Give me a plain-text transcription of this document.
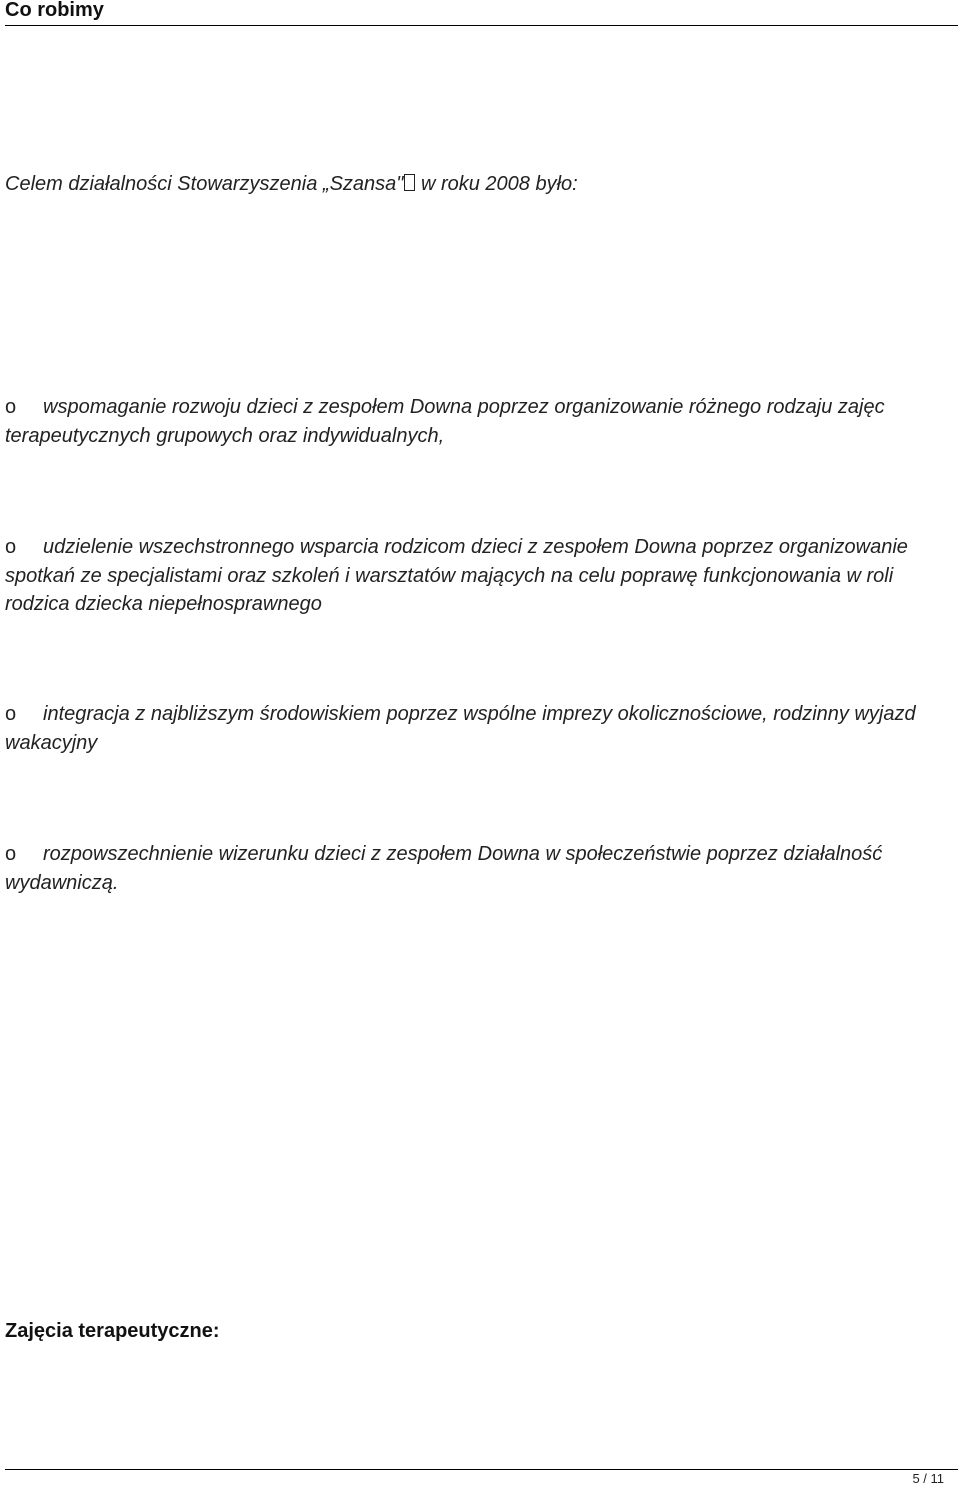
Co robimy
Celem działalności Stowarzyszenia „Szansa" w roku 2008 było:
o wspomaganie rozwoju dzieci z zespołem Downa poprzez organizowanie różnego rodzaju zajęc terapeutycznych grupowych oraz indywidualnych,
o udzielenie wszechstronnego wsparcia rodzicom dzieci z zespołem Downa poprzez organizowanie spotkań ze specjalistami oraz szkoleń i warsztatów mających na celu poprawę funkcjonowania w roli rodzica dziecka niepełnosprawnego
o integracja z najbliższym środowiskiem poprzez wspólne imprezy okolicznościowe, rodzinny wyjazd wakacyjny
o rozpowszechnienie wizerunku dzieci z zespołem Downa w społeczeństwie poprzez działalność wydawniczą.
Zajęcia terapeutyczne:
5 / 11
